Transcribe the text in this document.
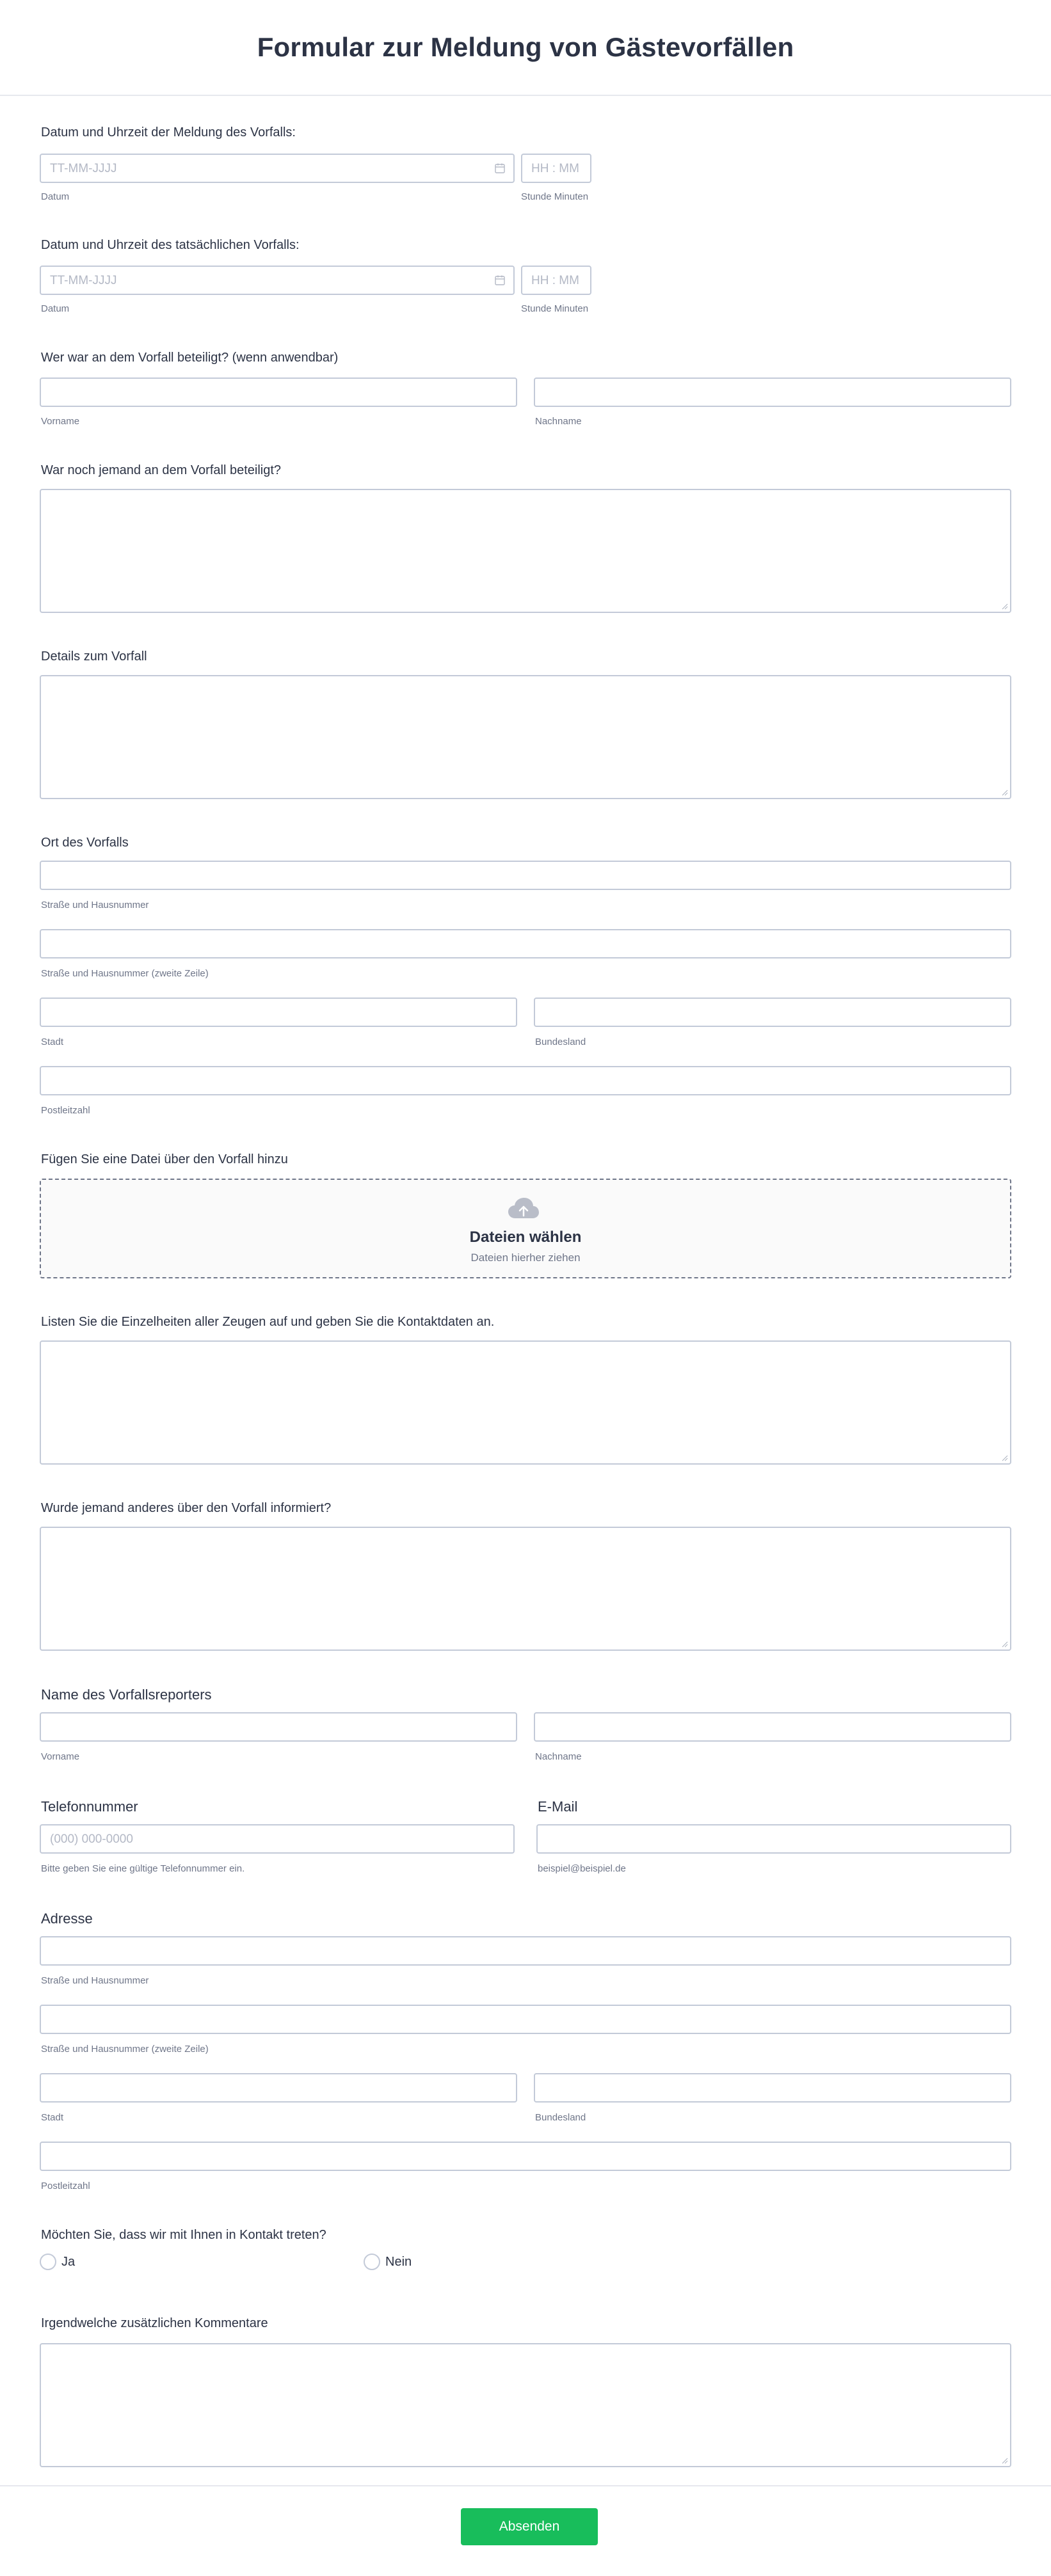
Formular zur Meldung von Gästevorfällen
Datum und Uhrzeit der Meldung des Vorfalls:
TT-MM-JJJJ	HH : MM
Datum	Stunde Minuten
Datum und Uhrzeit des tatsächlichen Vorfalls:
TT-MM-JJJJ	HH : MM
Datum	Stunde Minuten
Wer war an dem Vorfall beteiligt? (wenn anwendbar)
Vorname	Nachname
War noch jemand an dem Vorfall beteiligt?
Details zum Vorfall
Ort des Vorfalls
Straße und Hausnummer
Straße und Hausnummer (zweite Zeile)
Stadt	Bundesland
Postleitzahl
Fügen Sie eine Datei über den Vorfall hinzu
Dateien wählen
Dateien hierher ziehen
Listen Sie die Einzelheiten aller Zeugen auf und geben Sie die Kontaktdaten an.
Wurde jemand anderes über den Vorfall informiert?
Name des Vorfallsreporters
Vorname	Nachname
Telefonnummer	E-Mail
(000) 000-0000
Bitte geben Sie eine gültige Telefonnummer ein.	beispiel@beispiel.de
Adresse
Straße und Hausnummer
Straße und Hausnummer (zweite Zeile)
Stadt	Bundesland
Postleitzahl
Möchten Sie, dass wir mit Ihnen in Kontakt treten?
Ja	Nein
Irgendwelche zusätzlichen Kommentare
Absenden
